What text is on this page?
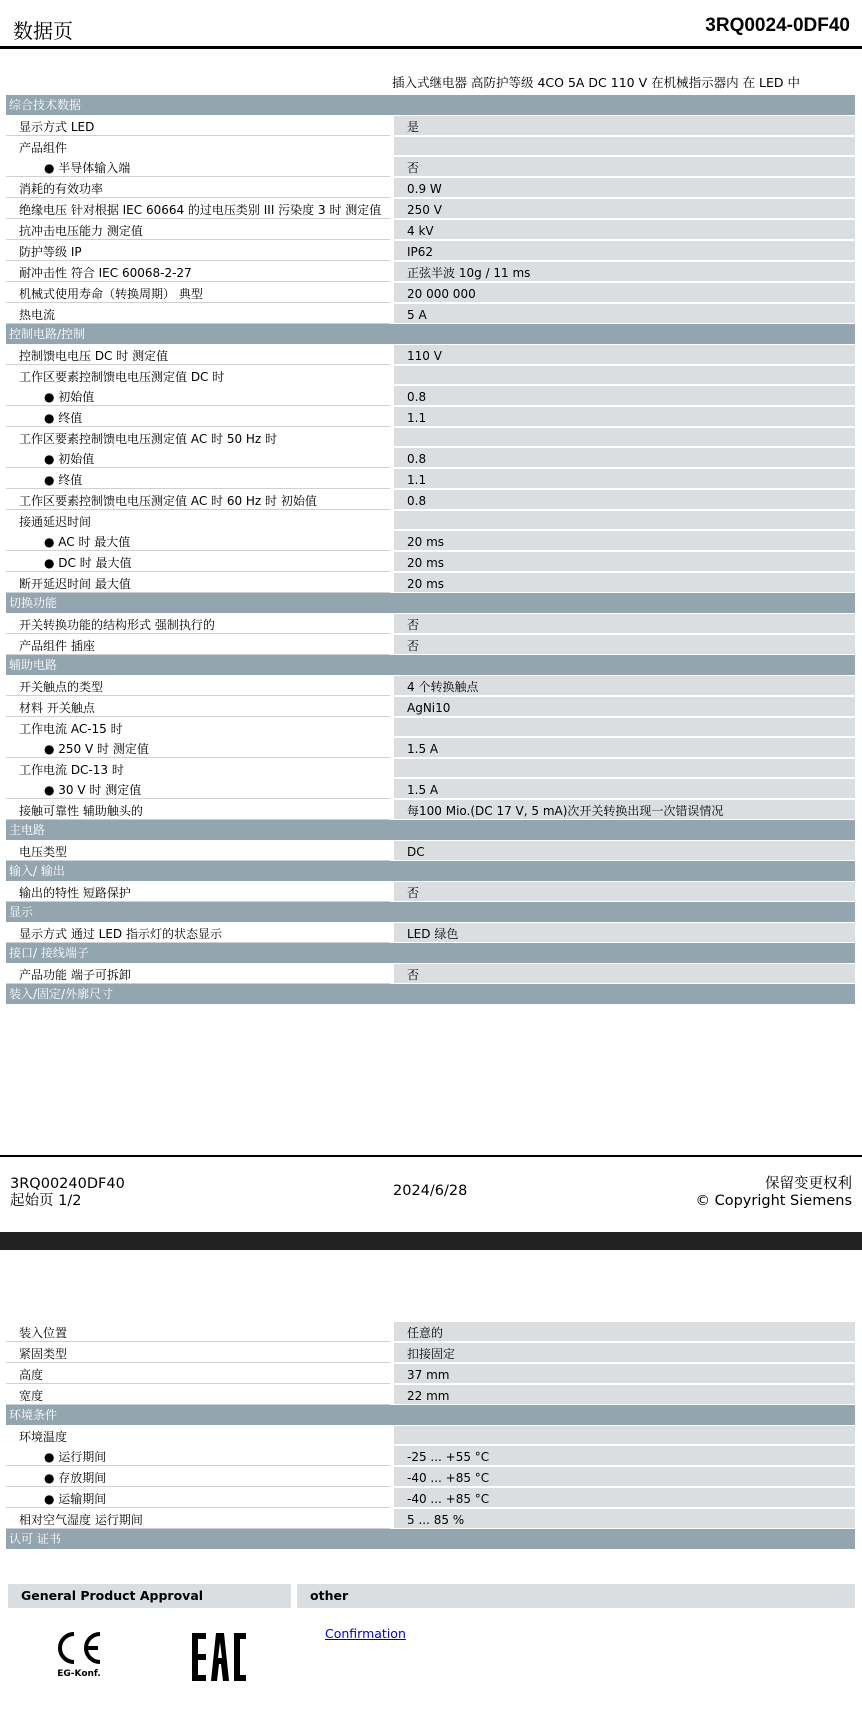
数据页	3RQ0024-0DF40
插入式继电器 高防护等级 4CO 5A DC 110 V 在机械指示器内 在 LED 中
综合技术数据
显示方式 LED	是
产品组件
● 半导体输入端	否
消耗的有效功率	0.9 W
绝缘电压 针对根据 IEC 60664 的过电压类别 III 污染度 3 时 测定值	250 V
抗冲击电压能力 测定值	4 kV
防护等级 IP	IP62
耐冲击性 符合 IEC 60068-2-27	正弦半波 10g / 11 ms
机械式使用寿命（转换周期） 典型	20 000 000
热电流	5 A
控制电路/控制
控制馈电电压 DC 时 测定值	110 V
工作区要素控制馈电电压测定值 DC 时
● 初始值	0.8
● 终值	1.1
工作区要素控制馈电电压测定值 AC 时 50 Hz 时
● 初始值	0.8
● 终值	1.1
工作区要素控制馈电电压测定值 AC 时 60 Hz 时 初始值	0.8
接通延迟时间
● AC 时 最大值	20 ms
● DC 时 最大值	20 ms
断开延迟时间 最大值	20 ms
切换功能
开关转换功能的结构形式 强制执行的	否
产品组件 插座	否
辅助电路
开关触点的类型	4 个转换触点
材料 开关触点	AgNi10
工作电流 AC-15 时
● 250 V 时 测定值	1.5 A
工作电流 DC-13 时
● 30 V 时 测定值	1.5 A
接触可靠性 辅助触头的	每100 Mio.(DC 17 V, 5 mA)次开关转换出现一次错误情况
主电路
电压类型	DC
输入/ 输出
输出的特性 短路保护	否
显示
显示方式 通过 LED 指示灯的状态显示	LED 绿色
接口/ 接线端子
产品功能 端子可拆卸	否
装入/固定/外廓尺寸
3RQ00240DF40
起始页 1/2
2024/6/28	保留变更权利
© Copyright Siemens
装入位置	任意的
紧固类型	扣接固定
高度	37 mm
宽度	22 mm
环境条件
环境温度
● 运行期间	-25 ... +55 °C
● 存放期间	-40 ... +85 °C
● 运输期间	-40 ... +85 °C
相对空气湿度 运行期间	5 ... 85 %
认可 证书
General Product Approval	other
EG-Konf.
Confirmation
